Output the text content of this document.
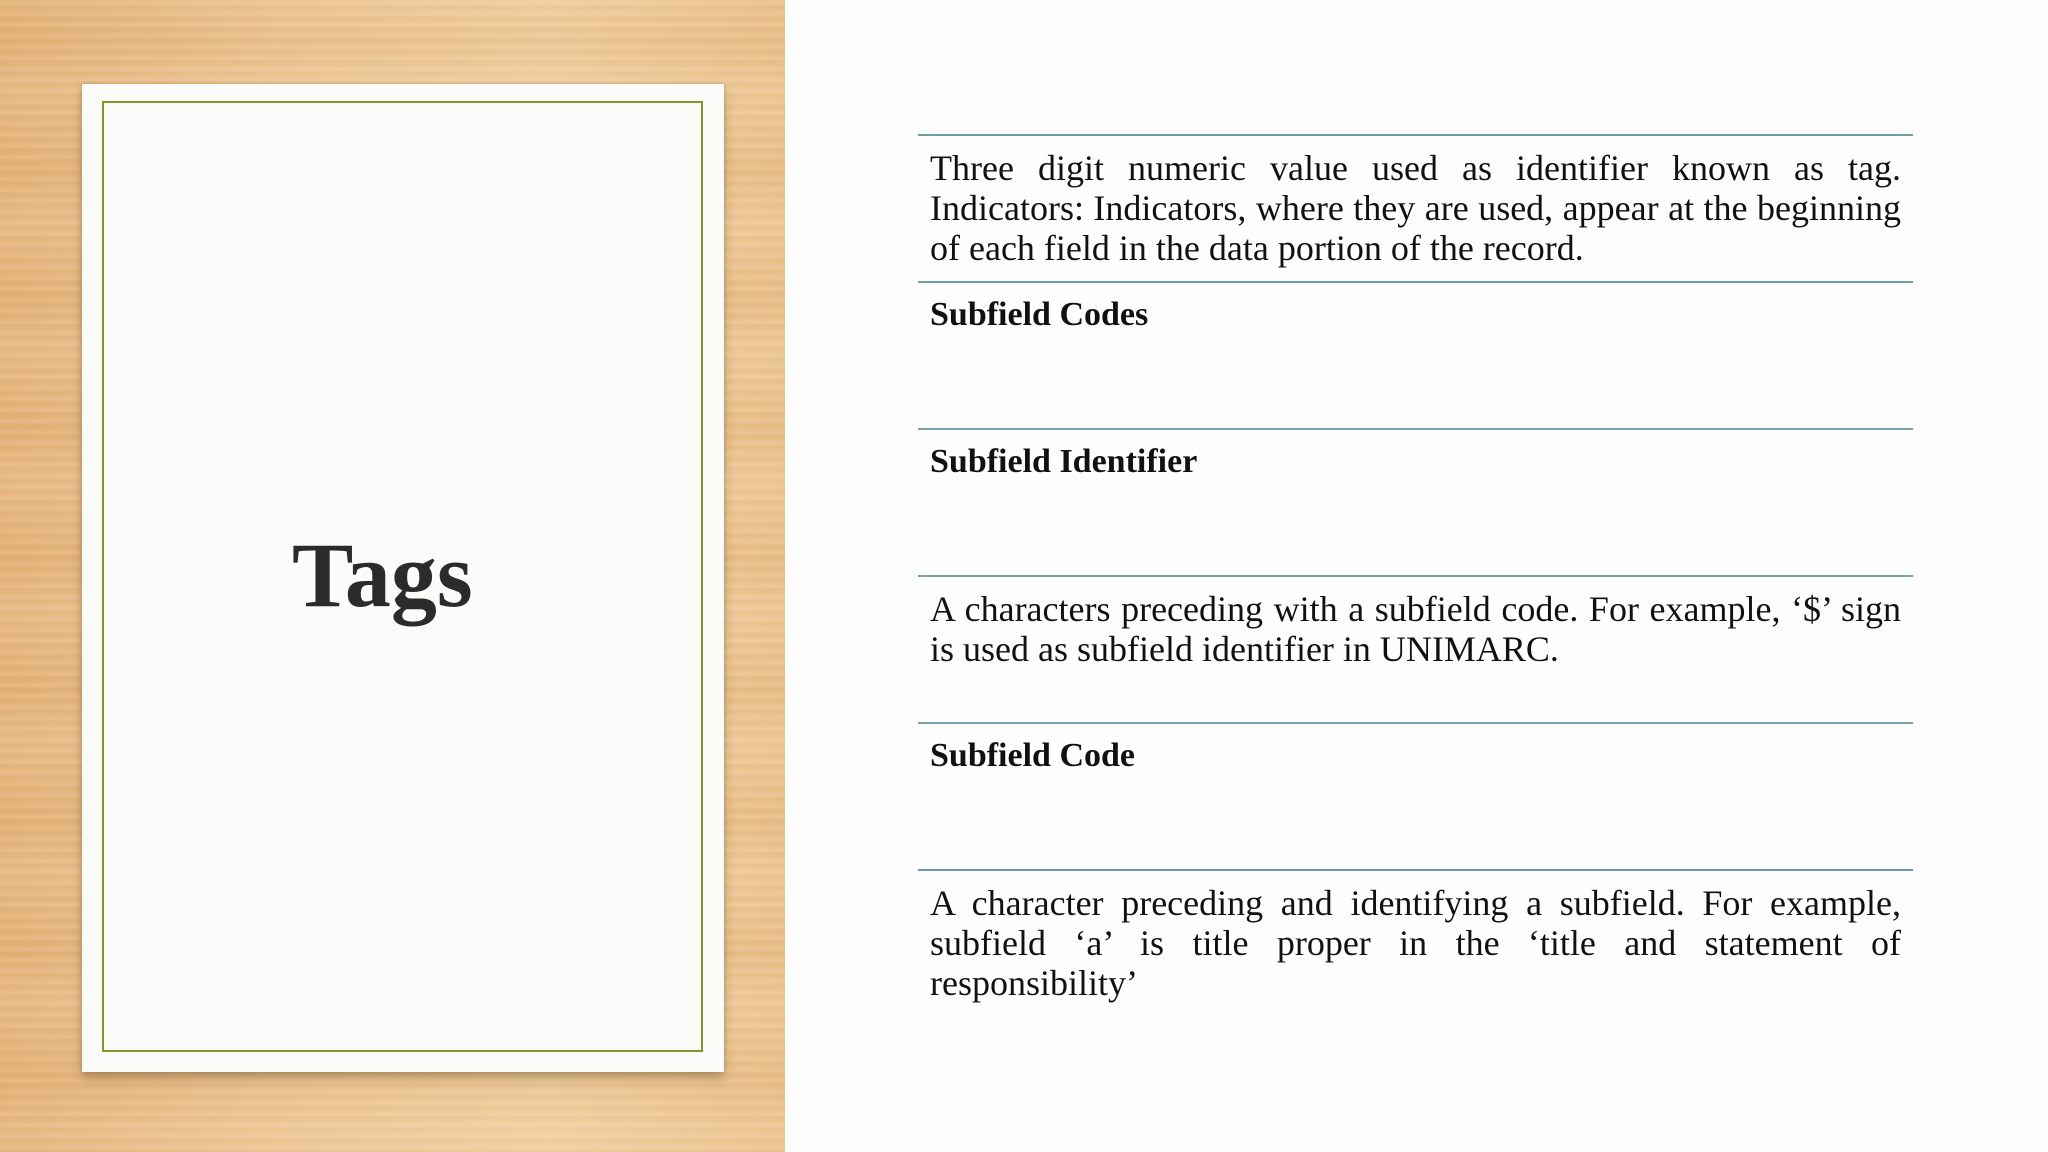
Tags

Three digit numeric value used as identifier known as tag. Indicators: Indicators, where they are used, appear at the beginning of each field in the data portion of the record.

Subfield Codes

Subfield Identifier

A characters preceding with a subfield code. For example, ‘$’ sign is used as subfield identifier in UNIMARC.

Subfield Code

A character preceding and identifying a subfield. For example, subfield ‘a’ is title proper in the ‘title and statement of responsibility’
